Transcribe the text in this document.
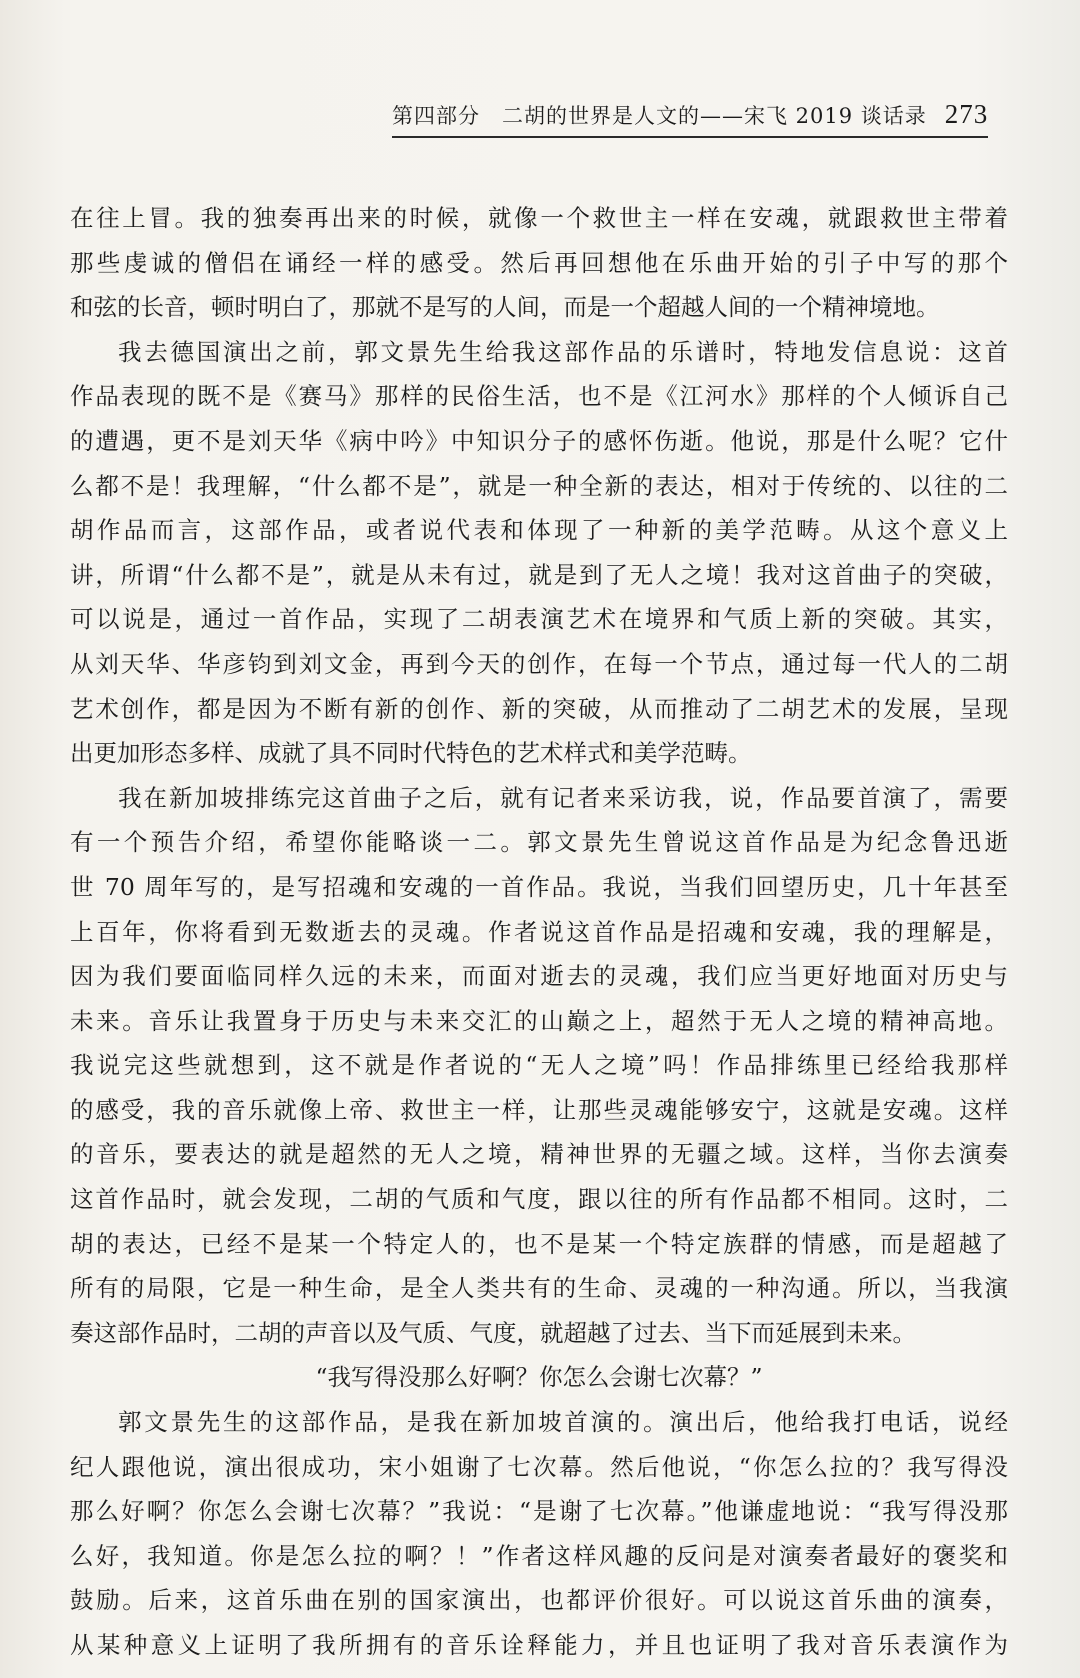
第四部分 二胡的世界是人文的——宋飞 2019 谈话录 273
在往上冒。我的独奏再出来的时候，就像一个救世主一样在安魂，就跟救世主带着
那些虔诚的僧侣在诵经一样的感受。然后再回想他在乐曲开始的引子中写的那个
和弦的长音，顿时明白了，那就不是写的人间，而是一个超越人间的一个精神境地。
我去德国演出之前，郭文景先生给我这部作品的乐谱时，特地发信息说：这首
作品表现的既不是《赛马》那样的民俗生活，也不是《江河水》那样的个人倾诉自己
的遭遇，更不是刘天华《病中吟》中知识分子的感怀伤逝。他说，那是什么呢？它什
么都不是！我理解，“什么都不是”，就是一种全新的表达，相对于传统的、以往的二
胡作品而言，这部作品，或者说代表和体现了一种新的美学范畴。从这个意义上
讲，所谓“什么都不是”，就是从未有过，就是到了无人之境！我对这首曲子的突破，
可以说是，通过一首作品，实现了二胡表演艺术在境界和气质上新的突破。其实，
从刘天华、华彦钧到刘文金，再到今天的创作，在每一个节点，通过每一代人的二胡
艺术创作，都是因为不断有新的创作、新的突破，从而推动了二胡艺术的发展，呈现
出更加形态多样、成就了具不同时代特色的艺术样式和美学范畴。
我在新加坡排练完这首曲子之后，就有记者来采访我，说，作品要首演了，需要
有一个预告介绍，希望你能略谈一二。郭文景先生曾说这首作品是为纪念鲁迅逝
世 70 周年写的，是写招魂和安魂的一首作品。我说，当我们回望历史，几十年甚至
上百年，你将看到无数逝去的灵魂。作者说这首作品是招魂和安魂，我的理解是，
因为我们要面临同样久远的未来，而面对逝去的灵魂，我们应当更好地面对历史与
未来。音乐让我置身于历史与未来交汇的山巅之上，超然于无人之境的精神高地。
我说完这些就想到，这不就是作者说的“无人之境”吗！作品排练里已经给我那样
的感受，我的音乐就像上帝、救世主一样，让那些灵魂能够安宁，这就是安魂。这样
的音乐，要表达的就是超然的无人之境，精神世界的无疆之域。这样，当你去演奏
这首作品时，就会发现，二胡的气质和气度，跟以往的所有作品都不相同。这时，二
胡的表达，已经不是某一个特定人的，也不是某一个特定族群的情感，而是超越了
所有的局限，它是一种生命，是全人类共有的生命、灵魂的一种沟通。所以，当我演
奏这部作品时，二胡的声音以及气质、气度，就超越了过去、当下而延展到未来。
“我写得没那么好啊？你怎么会谢七次幕？”
郭文景先生的这部作品，是我在新加坡首演的。演出后，他给我打电话，说经
纪人跟他说，演出很成功，宋小姐谢了七次幕。然后他说，“你怎么拉的？我写得没
那么好啊？你怎么会谢七次幕？”我说：“是谢了七次幕。”他谦虚地说：“我写得没那
么好，我知道。你是怎么拉的啊？！”作者这样风趣的反问是对演奏者最好的褒奖和
鼓励。后来，这首乐曲在别的国家演出，也都评价很好。可以说这首乐曲的演奏，
从某种意义上证明了我所拥有的音乐诠释能力，并且也证明了我对音乐表演作为
